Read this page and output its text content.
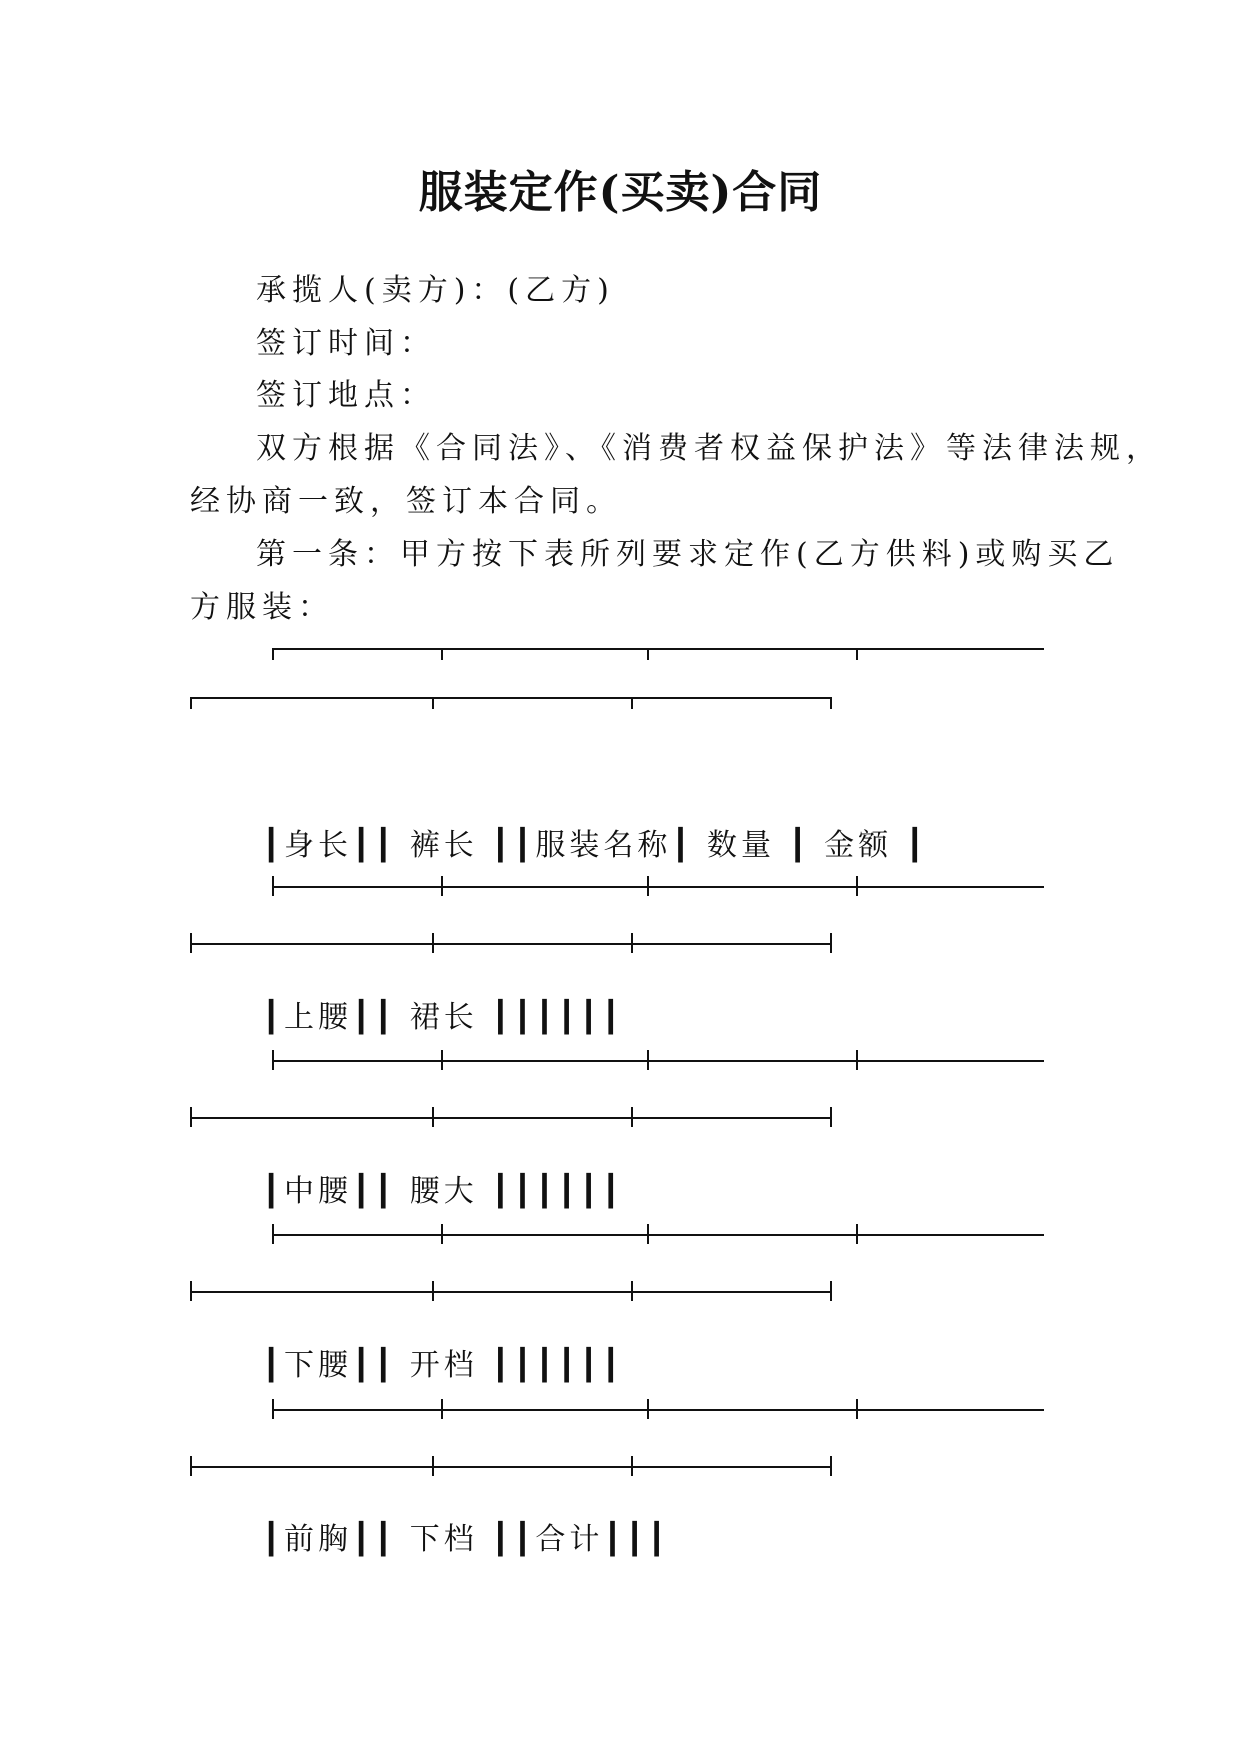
服装定作(买卖)合同
承揽人(卖方)：(乙方)
签订时间：
签订地点：
双方根据《合同法》、《消费者权益保护法》等法律法规，
经协商一致，签订本合同。
第一条：甲方按下表所列要求定作(乙方供料)或购买乙
方服装：
┃身长┃┃ 裤长 ┃┃服装名称┃ 数量 ┃ 金额 ┃
┃上腰┃┃ 裙长 ┃┃┃┃┃┃
┃中腰┃┃ 腰大 ┃┃┃┃┃┃
┃下腰┃┃ 开档 ┃┃┃┃┃┃
┃前胸┃┃ 下档 ┃┃合计┃┃┃
